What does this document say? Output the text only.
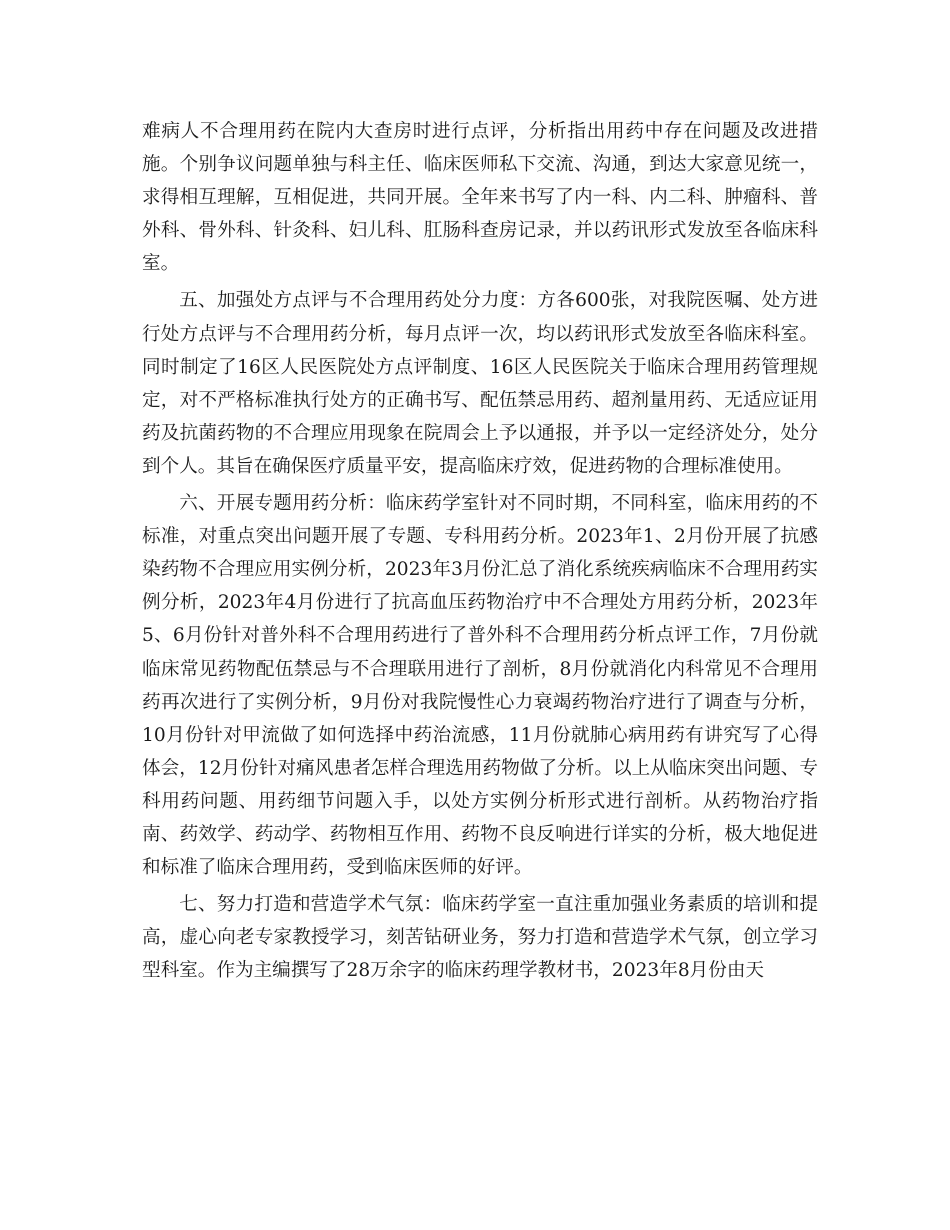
难病人不合理用药在院内大查房时进行点评，分析指出用药中存在问题及改进措施。个别争议问题单独与科主任、临床医师私下交流、沟通，到达大家意见统一，求得相互理解，互相促进，共同开展。全年来书写了内一科、内二科、肿瘤科、普外科、骨外科、针灸科、妇儿科、肛肠科查房记录，并以药讯形式发放至各临床科室。

五、加强处方点评与不合理用药处分力度：方各600张，对我院医嘱、处方进行处方点评与不合理用药分析，每月点评一次，均以药讯形式发放至各临床科室。同时制定了16区人民医院处方点评制度、16区人民医院关于临床合理用药管理规定，对不严格标准执行处方的正确书写、配伍禁忌用药、超剂量用药、无适应证用药及抗菌药物的不合理应用现象在院周会上予以通报，并予以一定经济处分，处分到个人。其旨在确保医疗质量平安，提高临床疗效，促进药物的合理标准使用。

六、开展专题用药分析：临床药学室针对不同时期，不同科室，临床用药的不标准，对重点突出问题开展了专题、专科用药分析。2023年1、2月份开展了抗感染药物不合理应用实例分析，2023年3月份汇总了消化系统疾病临床不合理用药实例分析，2023年4月份进行了抗高血压药物治疗中不合理处方用药分析，2023年5、6月份针对普外科不合理用药进行了普外科不合理用药分析点评工作，7月份就临床常见药物配伍禁忌与不合理联用进行了剖析，8月份就消化内科常见不合理用药再次进行了实例分析，9月份对我院慢性心力衰竭药物治疗进行了调查与分析，10月份针对甲流做了如何选择中药治流感，11月份就肺心病用药有讲究写了心得体会，12月份针对痛风患者怎样合理选用药物做了分析。以上从临床突出问题、专科用药问题、用药细节问题入手，以处方实例分析形式进行剖析。从药物治疗指南、药效学、药动学、药物相互作用、药物不良反响进行详实的分析，极大地促进和标准了临床合理用药，受到临床医师的好评。

七、努力打造和营造学术气氛：临床药学室一直注重加强业务素质的培训和提高，虚心向老专家教授学习，刻苦钻研业务，努力打造和营造学术气氛，创立学习型科室。作为主编撰写了28万余字的临床药理学教材书，2023年8月份由天
